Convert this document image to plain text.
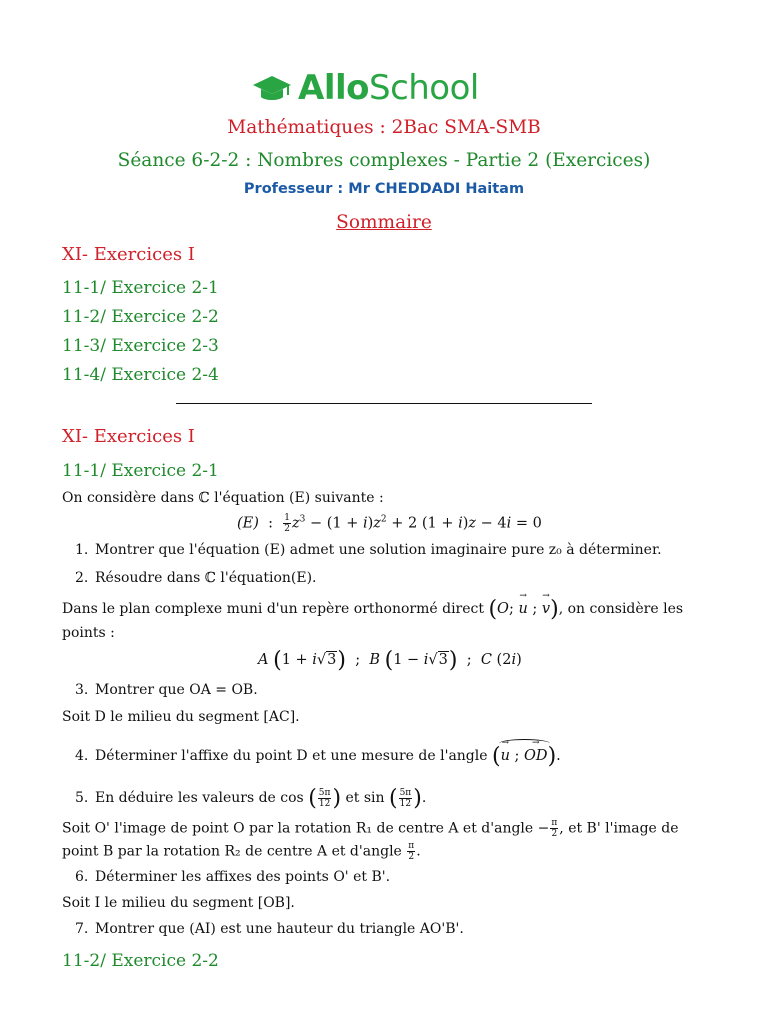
AlloSchool
Mathématiques : 2Bac SMA-SMB
Séance 6-2-2 : Nombres complexes - Partie 2 (Exercices)
Professeur : Mr CHEDDADI Haitam
Sommaire
XI- Exercices I
11-1/ Exercice 2-1
11-2/ Exercice 2-2
11-3/ Exercice 2-3
11-4/ Exercice 2-4
XI- Exercices I
11-1/ Exercice 2-1
On considère dans ℂ l'équation (E) suivante :
(E)  : $\frac{1}{2} z^3 - (1 + i)z^2 + 2$ (1 + i)z − 4i = 0
1. Montrer que l'équation (E) admet une solution imaginaire pure z₀ à déterminer.
2. Résoudre dans ℂ l'équation(E).
Dans le plan complexe muni d'un repère orthonormé direct (O; → u ; → v), on considère les
points :
A (1 + i√3)  ;  B (1 − i√3)  ;  C (2i)
3. Montrer que OA = OB.
Soit D le milieu du segment [AC].
4. Déterminer l'affixe du point D et une mesure de l'angle (→ u ; → OD).
5. En déduire les valeurs de cos ( $\frac{5\pi}{12}$ ) et sin ( $\frac{5\pi}{12}$ ).
Soit O' l'image de point O par la rotation R₁ de centre A et d'angle − $\frac{\pi}{2}$ , et B' l'image de
point B par la rotation R₂ de centre A et d'angle $\frac{\pi}{2}$ .
6. Déterminer les affixes des points O' et B'.
Soit I le milieu du segment [OB].
7. Montrer que (AI) est une hauteur du triangle AO'B'.
11-2/ Exercice 2-2
